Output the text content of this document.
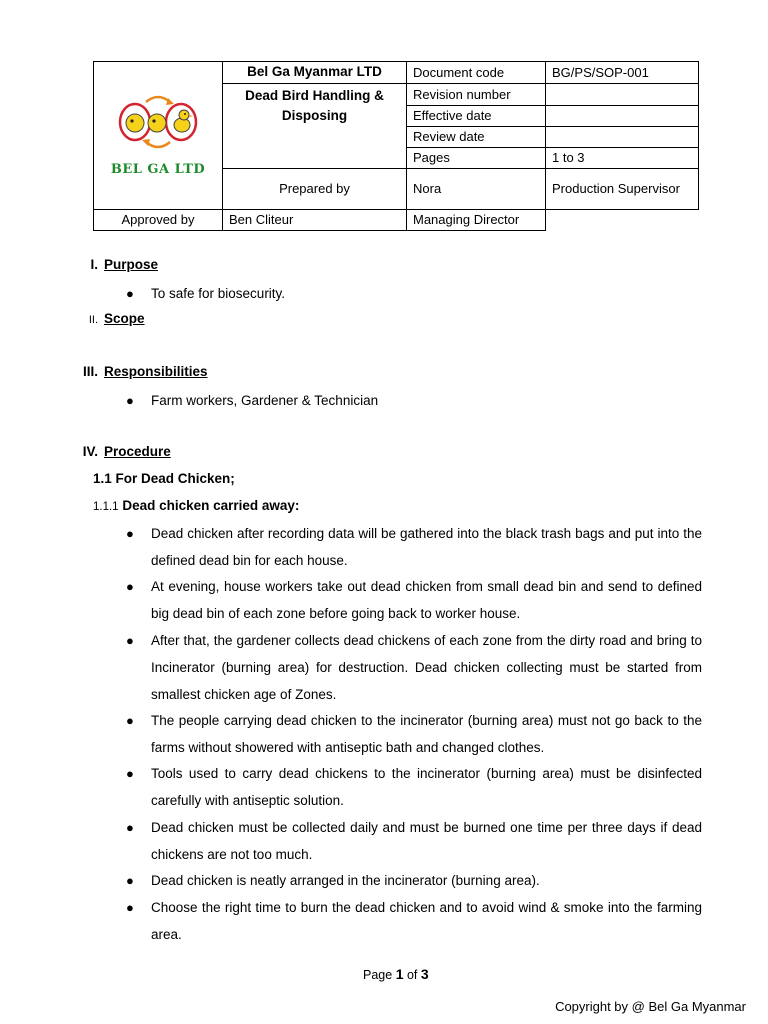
BEL GA LTD	Bel Ga Myanmar LTD	Document code	BG/PS/SOP-001
	Dead Bird Handling & Disposing	Revision number	
		Effective date	
		Review date	
		Pages	1 to 3
	Prepared by	Nora	Production Supervisor
Approved by	Ben Cliteur	Managing Director	
I. Purpose
● To safe for biosecurity.
II. Scope
III. Responsibilities
● Farm workers, Gardener & Technician
IV. Procedure
1.1 For Dead Chicken;
1.1.1 Dead chicken carried away:
● Dead chicken after recording data will be gathered into the black trash bags and put into the defined dead bin for each house.
● At evening, house workers take out dead chicken from small dead bin and send to defined big dead bin of each zone before going back to worker house.
● After that, the gardener collects dead chickens of each zone from the dirty road and bring to Incinerator (burning area) for destruction. Dead chicken collecting must be started from smallest chicken age of Zones.
● The people carrying dead chicken to the incinerator (burning area) must not go back to the farms without showered with antiseptic bath and changed clothes.
● Tools used to carry dead chickens to the incinerator (burning area) must be disinfected carefully with antiseptic solution.
● Dead chicken must be collected daily and must be burned one time per three days if dead chickens are not too much.
● Dead chicken is neatly arranged in the incinerator (burning area).
● Choose the right time to burn the dead chicken and to avoid wind & smoke into the farming area.
Page 1 of 3
Copyright by @ Bel Ga Myanmar
